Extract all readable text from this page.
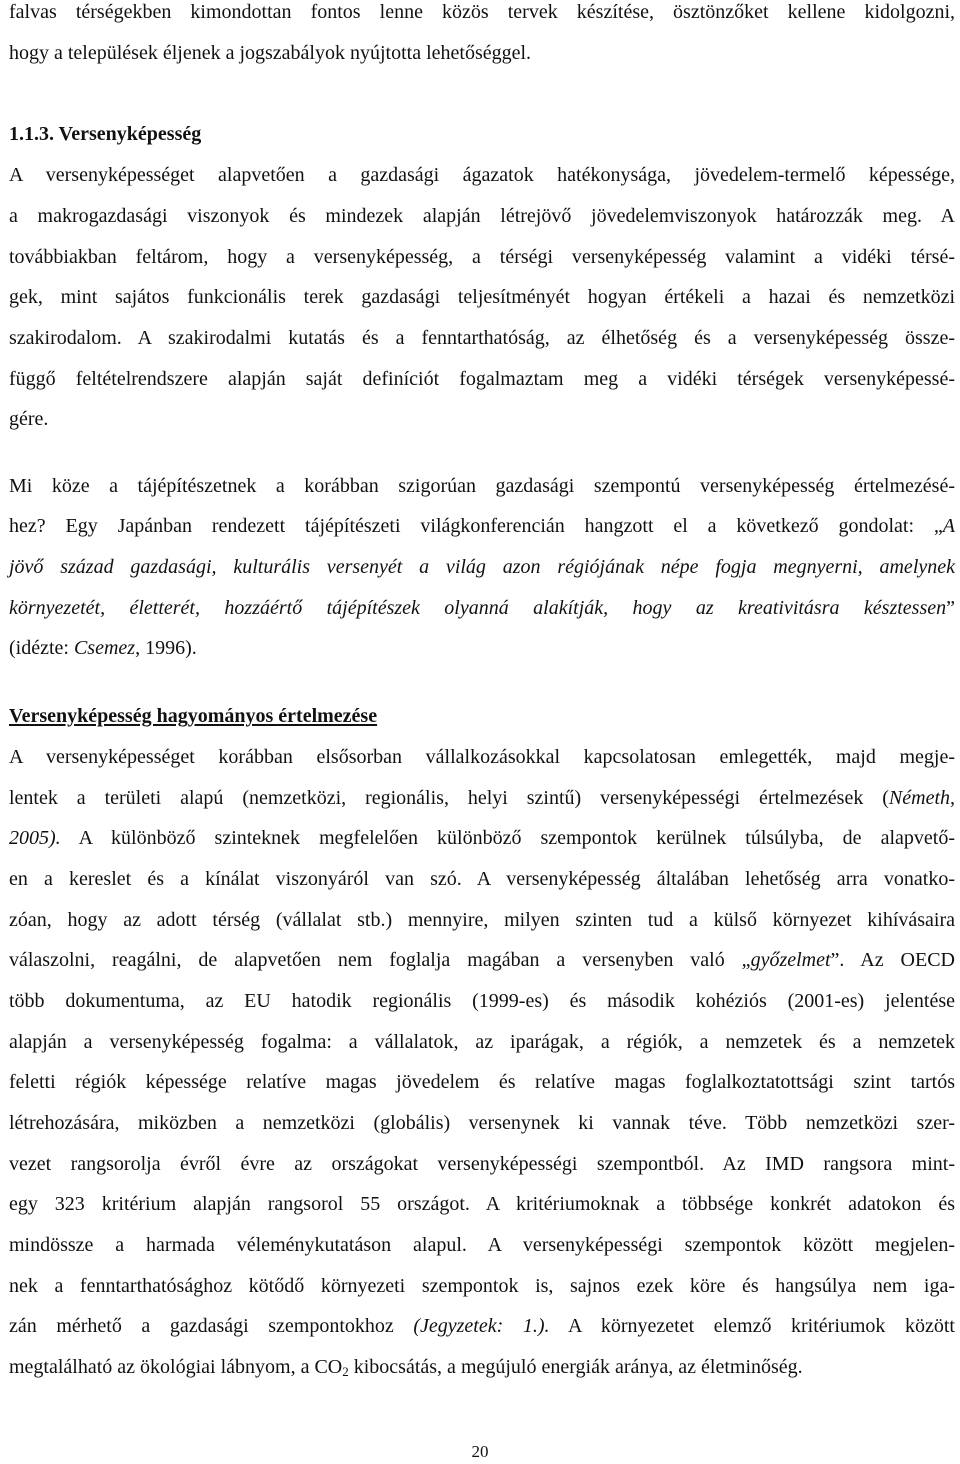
falvas térségekben kimondottan fontos lenne közös tervek készítése, ösztönzőket kellene kidolgozni,
hogy a települések éljenek a jogszabályok nyújtotta lehetőséggel.
1.1.3. Versenyképesség
A versenyképességet alapvetően a gazdasági ágazatok hatékonysága, jövedelem-termelő képessége,
a makrogazdasági viszonyok és mindezek alapján létrejövő jövedelemviszonyok határozzák meg. A
továbbiakban feltárom, hogy a versenyképesség, a térségi versenyképesség valamint a vidéki térsé-
gek, mint sajátos funkcionális terek gazdasági teljesítményét hogyan értékeli a hazai és nemzetközi
szakirodalom. A szakirodalmi kutatás és a fenntarthatóság, az élhetőség és a versenyképesség össze-
függő feltételrendszere alapján saját definíciót fogalmaztam meg a vidéki térségek versenyképessé-
gére.
Mi köze a tájépítészetnek a korábban szigorúan gazdasági szempontú versenyképesség értelmezésé-
hez? Egy Japánban rendezett tájépítészeti világkonferencián hangzott el a következő gondolat: „A
jövő század gazdasági, kulturális versenyét a világ azon régiójának népe fogja megnyerni, amelynek
környezetét, életterét, hozzáértő tájépítészek olyanná alakítják, hogy az kreativitásra késztessen”
(idézte: Csemez, 1996).
Versenyképesség hagyományos értelmezése
A versenyképességet korábban elsősorban vállalkozásokkal kapcsolatosan emlegették, majd megje-
lentek a területi alapú (nemzetközi, regionális, helyi szintű) versenyképességi értelmezések (Németh,
2005). A különböző szinteknek megfelelően különböző szempontok kerülnek túlsúlyba, de alapvető-
en a kereslet és a kínálat viszonyáról van szó. A versenyképesség általában lehetőség arra vonatko-
zóan, hogy az adott térség (vállalat stb.) mennyire, milyen szinten tud a külső környezet kihívásaira
válaszolni, reagálni, de alapvetően nem foglalja magában a versenyben való „győzelmet”. Az OECD
több dokumentuma, az EU hatodik regionális (1999-es) és második kohéziós (2001-es) jelentése
alapján a versenyképesség fogalma: a vállalatok, az iparágak, a régiók, a nemzetek és a nemzetek
feletti régiók képessége relatíve magas jövedelem és relatíve magas foglalkoztatottsági szint tartós
létrehozására, miközben a nemzetközi (globális) versenynek ki vannak téve. Több nemzetközi szer-
vezet rangsorolja évről évre az országokat versenyképességi szempontból. Az IMD rangsora mint-
egy 323 kritérium alapján rangsorol 55 országot. A kritériumoknak a többsége konkrét adatokon és
mindössze a harmada véleménykutatáson alapul. A versenyképességi szempontok között megjelen-
nek a fenntarthatósághoz kötődő környezeti szempontok is, sajnos ezek köre és hangsúlya nem iga-
zán mérhető a gazdasági szempontokhoz (Jegyzetek: 1.). A környezetet elemző kritériumok között
megtalálható az ökológiai lábnyom, a $CO_2$ kibocsátás, a megújuló energiák aránya, az életminőség.
20
